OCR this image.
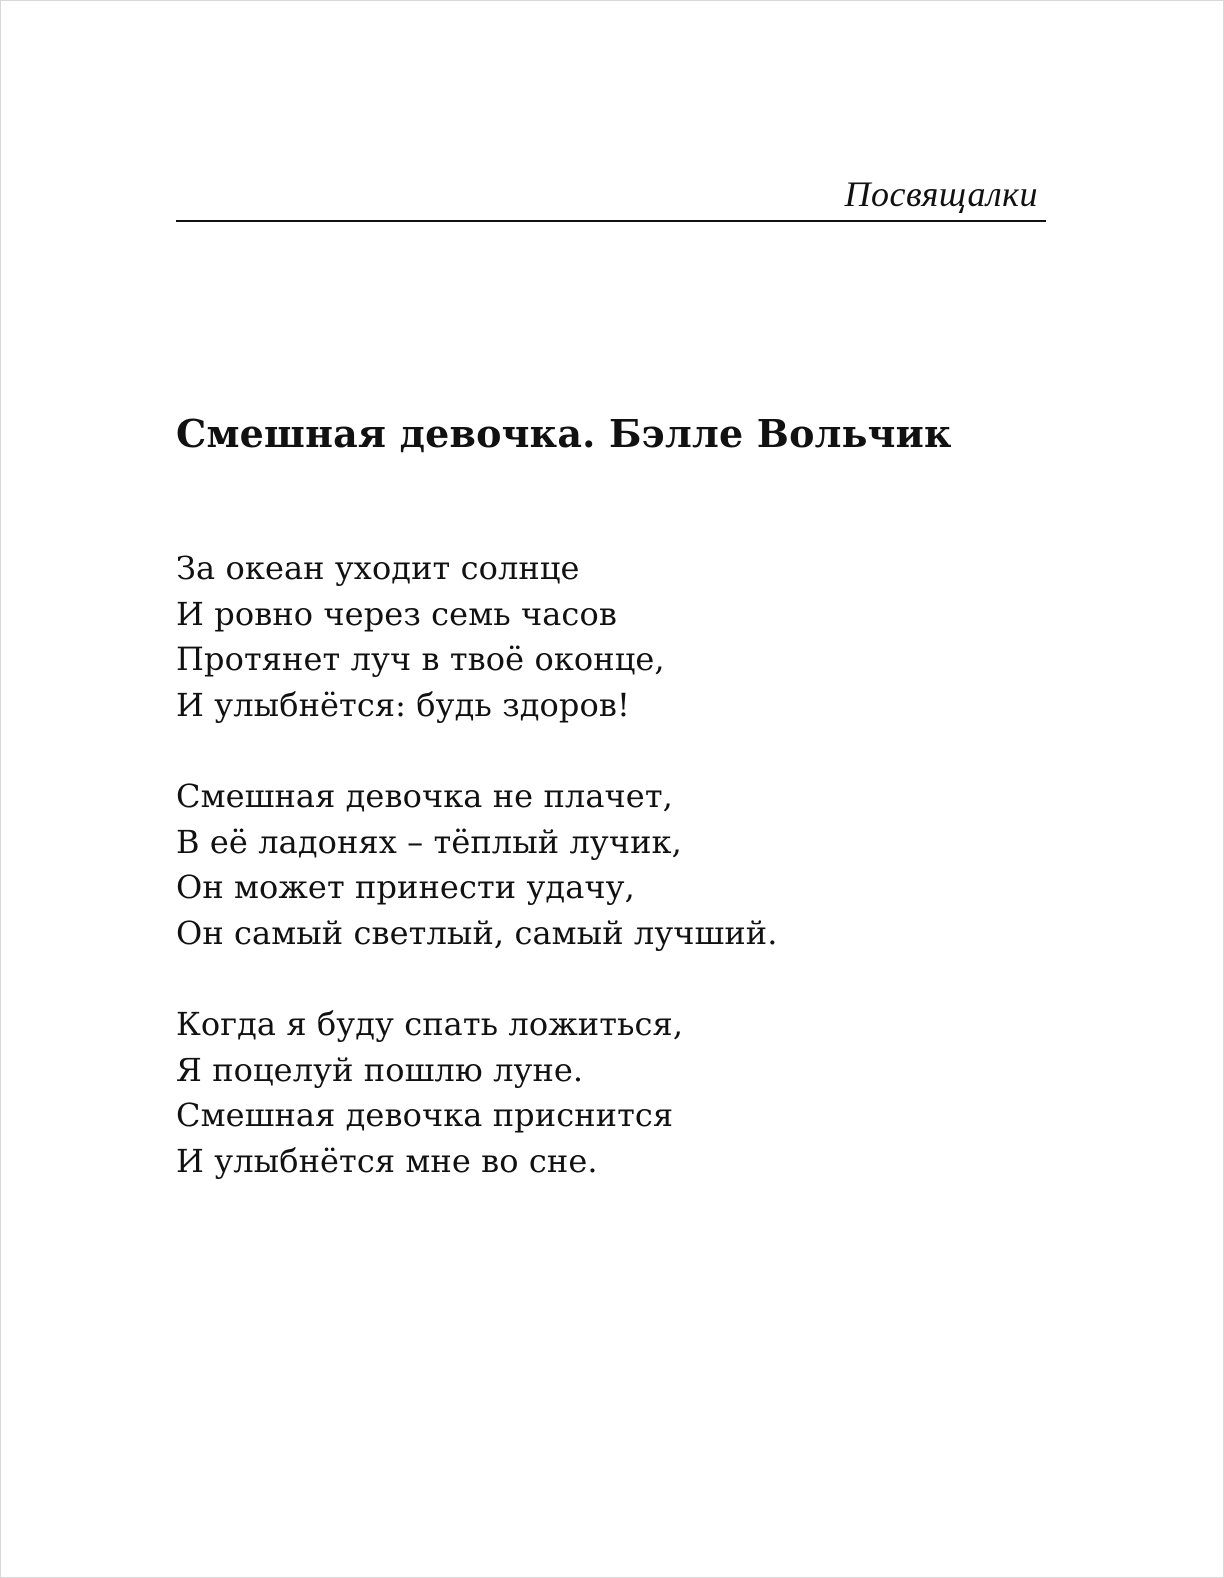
Посвящалки
Смешная девочка. Бэлле Вольчик
За океан уходит солнце
И ровно через семь часов
Протянет луч в твоё оконце,
И улыбнётся: будь здоров!
Смешная девочка не плачет,
В её ладонях – тёплый лучик,
Он может принести удачу,
Он самый светлый, самый лучший.
Когда я буду спать ложиться,
Я поцелуй пошлю луне.
Смешная девочка приснится
И улыбнётся мне во сне.
